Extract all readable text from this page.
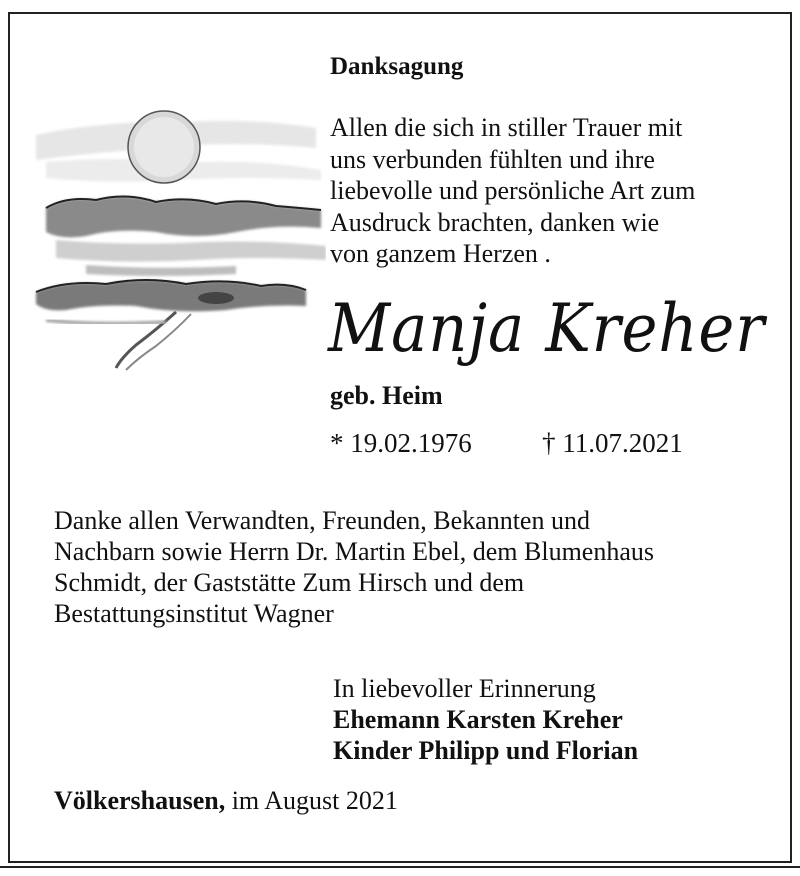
Danksagung
Allen die sich in stiller Trauer mit
uns verbunden fühlten und ihre
liebevolle und persönliche Art zum
Ausdruck brachten, danken wie
von ganzem Herzen .
Manja Kreher
geb. Heim
* 19.02.1976	† 11.07.2021
Danke allen Verwandten, Freunden, Bekannten und
Nachbarn sowie Herrn Dr. Martin Ebel, dem Blumenhaus
Schmidt, der Gaststätte Zum Hirsch und dem
Bestattungsinstitut Wagner
In liebevoller Erinnerung
Ehemann Karsten Kreher
Kinder Philipp und Florian
Völkershausen, im August 2021
